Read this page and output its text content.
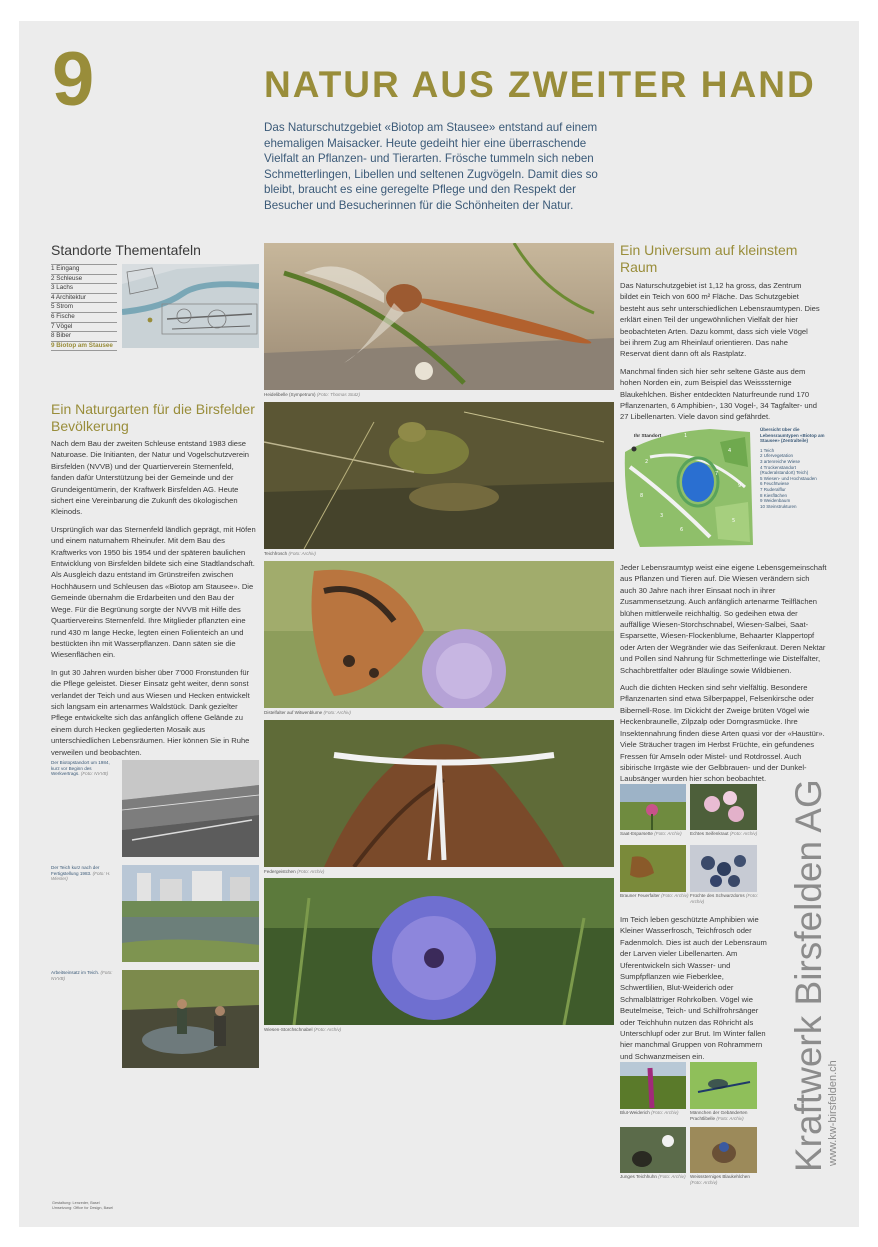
9	NATUR AUS ZWEITER HAND
Das Naturschutzgebiet «Biotop am Stausee» entstand auf einem ehemaligen Maisacker. Heute gedeiht hier eine überraschende Vielfalt an Pflanzen- und Tierarten. Frösche tummeln sich neben Schmetterlingen, Libellen und seltenen Zugvögeln. Damit dies so bleibt, braucht es eine geregelte Pflege und den Respekt der Besucher und Besucherinnen für die Schönheiten der Natur.
Standorte Thementafeln
1 Eingang
2 Schleuse
3 Lachs
4 Architektur
5 Strom
6 Fische
7 Vögel
8 Biber
9 Biotop am Stausee
Ein Naturgarten für die Birsfelder Bevölkerung

Nach dem Bau der zweiten Schleuse entstand 1983 diese Naturoase. Die Initianten, der Natur und Vogelschutzverein Birsfelden (NVVB) und der Quartierverein Sternenfeld, fanden dafür Unterstützung bei der Gemeinde und der Grundeigentümerin, der Kraftwerk Birsfelden AG. Heute sichert eine Vereinbarung die Zukunft des ökologischen Kleinods.

Ursprünglich war das Sternenfeld ländlich geprägt, mit Höfen und einem naturnahem Rheinufer. Mit dem Bau des Kraftwerks von 1950 bis 1954 und der späteren baulichen Entwicklung von Birsfelden bildete sich eine Stadtlandschaft. Als Ausgleich dazu entstand im Grünstreifen zwischen Hochhäusern und Schleusen das «Biotop am Stausee». Die Gemeinde übernahm die Erdarbeiten und den Bau der Wege. Für die Begrünung sorgte der NVVB mit Hilfe des Quartiervereins Sternenfeld. Ihre Mitglieder pflanzten eine rund 430 m lange Hecke, legten einen Folienteich an und bestückten ihn mit Wasserpflanzen. Dann säten sie die Wiesenflächen ein.

In gut 30 Jahren wurden bisher über 7'000 Fronstunden für die Pflege geleistet. Dieser Einsatz geht weiter, denn sonst verlandet der Teich und aus Wiesen und Hecken entwickelt sich langsam ein artenarmes Waldstück. Dank gezielter Pflege entwickelte sich das anfänglich offene Gelände zu einem durch Hecken gegliederten Mosaik aus unterschiedlichen Lebensräumen. Hier können Sie in Ruhe verweilen und beobachten.

Der Biotopstandort um 1984, kurz vor Beginn des Werkvertrags. (Foto: NVVB)
Der Teich kurz nach der Fertigstellung 1983. (Foto: H. Wiesler)
Arbeitseinsatz im Teich. (Foto: NVVB)
Heidelibelle (Sympetrum) (Foto: Thomas Stutz)
Teichfrosch (Foto: Archiv)
Distelfalter auf Witwenblume (Foto: Archiv)
Federgeistchen (Foto: Archiv)
Wiesen-Storchschnabel (Foto: Archiv)
Ein Universum auf kleinstem Raum

Das Naturschutzgebiet ist 1,12 ha gross, das Zentrum bildet ein Teich von 600 m² Fläche. Das Schutzgebiet besteht aus sehr unterschiedlichen Lebensraumtypen. Dies erklärt einen Teil der ungewöhnlichen Vielfalt der hier beobachteten Arten. Dazu kommt, dass sich viele Vögel bei ihrem Zug am Rheinlauf orientieren. Das nahe Reservat dient dann oft als Rastplatz.

Manchmal finden sich hier sehr seltene Gäste aus dem hohen Norden ein, zum Beispiel das Weisssternige Blaukehlchen. Bisher entdeckten Naturfreunde rund 170 Pflanzenarten, 6 Amphibien-, 130 Vogel-, 34 Tagfalter- und 27 Libellenarten. Viele davon sind gefährdet.

1
2
3
4
5
6
7
8
9
Ihr Standort
Übersicht über die Lebensraumtypen «Biotop am Stausee» (Zentralteile)
1 Teich
2 Ufervegetation
3 artenreiche Wiese
4 Trockenstandort (Ruderalstandort) Teich)
5 Wiesen- und Hochstauden
6 Feuchtwiese
7 Ruderalflur
8 Kiesflächen
9 Weidenbaum
10 Steinstrukturen

Jeder Lebensraumtyp weist eine eigene Lebensgemeinschaft aus Pflanzen und Tieren auf. Die Wiesen verändern sich auch 30 Jahre nach ihrer Einsaat noch in ihrer Zusammensetzung. Auch anfänglich artenarme Teilflächen blühen mittlerweile reichhaltig. So gedeihen etwa der auffällige Wiesen-Storchschnabel, Wiesen-Salbei, Saat-Esparsette, Wiesen-Flockenblume, Behaarter Klappertopf oder Arten der Wegränder wie das Seifenkraut. Deren Nektar und Pollen sind Nahrung für Schmetterlinge wie Distelfalter, Schachbrettfalter oder Bläulinge sowie Wildbienen.

Auch die dichten Hecken sind sehr vielfältig. Besondere Pflanzenarten sind etwa Silberpappel, Felsenkirsche oder Bibernell-Rose. Im Dickicht der Zweige brüten Vögel wie Heckenbraunelle, Zilpzalp oder Dorngrasmücke. Ihre Insektennahrung finden diese Arten quasi vor der «Haustür». Viele Sträucher tragen im Herbst Früchte, ein gefundenes Fressen für Amseln oder Mistel- und Rotdrossel. Auch sibirische Irrgäste wie der Gelbbrauen- und der Dunkel-Laubsänger wurden hier schon beobachtet.

Saat-Esparsette (Foto: Archiv)	Echtes Seifenkraut (Foto: Archiv)
Brauner Feuerfalter (Foto: Archiv) Früchte des Schwarzdorns (Foto: Archiv)

Im Teich leben geschützte Amphibien wie Kleiner Wasserfrosch, Teichfrosch oder Fadenmolch. Dies ist auch der Lebensraum der Larven vieler Libellenarten. Am Uferentwickeln sich Wasser- und Sumpfpflanzen wie Fieberklee, Schwertlilien, Blut-Weiderich oder Schmalblättriger Rohrkolben. Vögel wie Beutelmeise, Teich- und Schilfrohrsänger oder Teichhuhn nutzen das Röhricht als Unterschlupf oder zur Brut. Im Winter fallen hier manchmal Gruppen von Rohrammern und Schwanzmeisen ein.

Blut-Weiderich (Foto: Archiv)	Männchen der Gebänderten Prachtlibelle (Foto: Archiv)
Junges Teichhuhn (Foto: Archiv) Weisssterniges Blaukehlchen (Foto: Archiv)
Kraftwerk Birsfelden AG
www.kw-birsfelden.ch
Gestaltung: Lenzeder, Basel
Umsetzung: Office for Design, Basel
